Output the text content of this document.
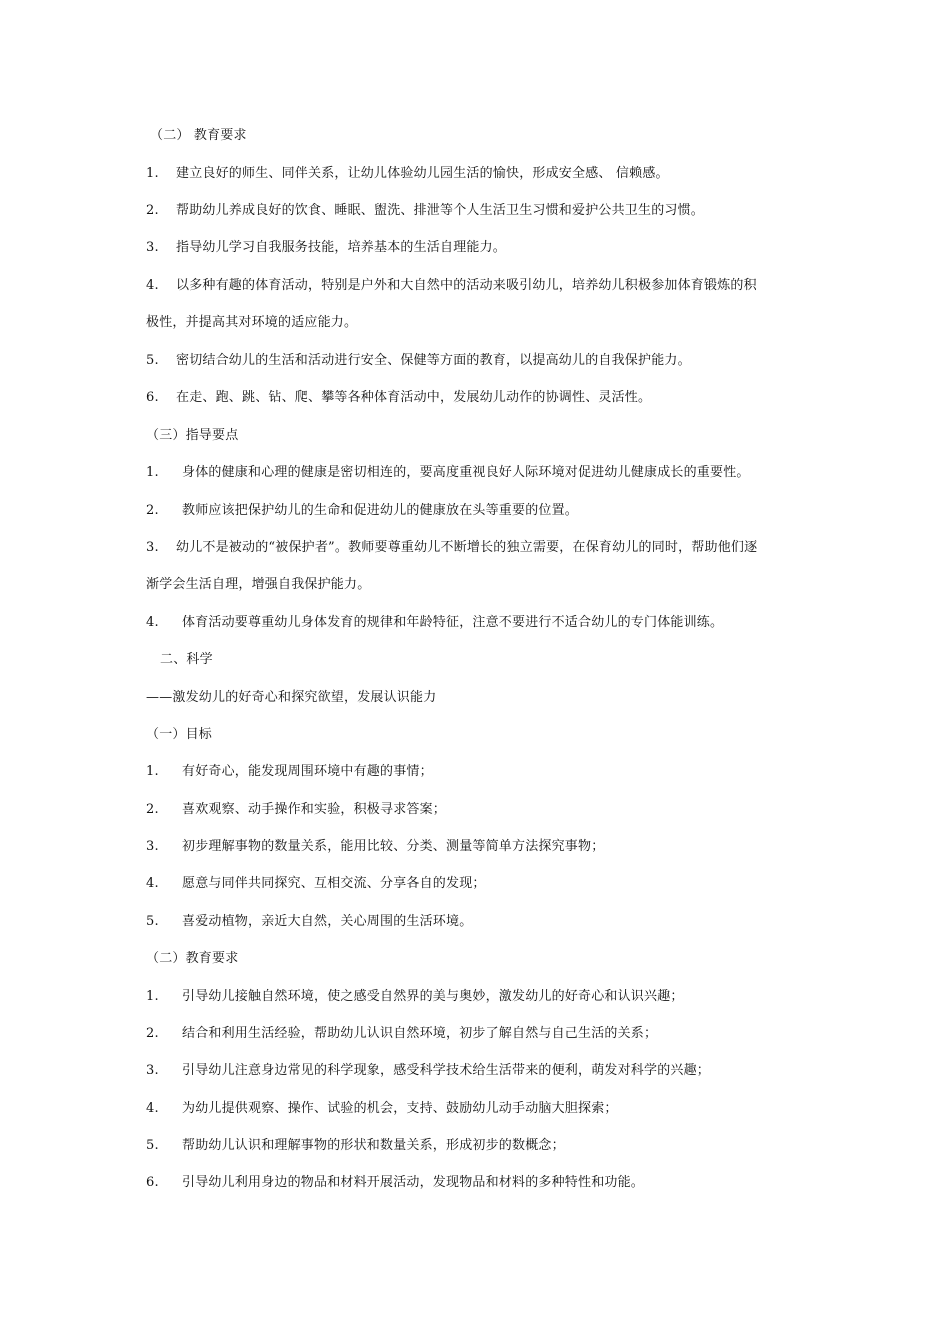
（二） 教育要求
1. 建立良好的师生、同伴关系，让幼儿体验幼儿园生活的愉快，形成安全感、 信赖感。
2. 帮助幼儿养成良好的饮食、睡眠、盥洗、排泄等个人生活卫生习惯和爱护公共卫生的习惯。
3. 指导幼儿学习自我服务技能，培养基本的生活自理能力。
4. 以多种有趣的体育活动，特别是户外和大自然中的活动来吸引幼儿，培养幼儿积极参加体育锻炼的积
极性，并提高其对环境的适应能力。
5. 密切结合幼儿的生活和活动进行安全、保健等方面的教育，以提高幼儿的自我保护能力。
6. 在走、跑、跳、钻、爬、攀等各种体育活动中，发展幼儿动作的协调性、灵活性。
（三）指导要点
1. 身体的健康和心理的健康是密切相连的，要高度重视良好人际环境对促进幼儿健康成长的重要性。
2. 教师应该把保护幼儿的生命和促进幼儿的健康放在头等重要的位置。
3. 幼儿不是被动的“被保护者”。教师要尊重幼儿不断增长的独立需要，在保育幼儿的同时，帮助他们逐
渐学会生活自理，增强自我保护能力。
4. 体育活动要尊重幼儿身体发育的规律和年龄特征，注意不要进行不适合幼儿的专门体能训练。
二、科学
——激发幼儿的好奇心和探究欲望，发展认识能力
（一）目标
1. 有好奇心，能发现周围环境中有趣的事情；
2. 喜欢观察、动手操作和实验，积极寻求答案；
3. 初步理解事物的数量关系，能用比较、分类、测量等简单方法探究事物；
4. 愿意与同伴共同探究、互相交流、分享各自的发现；
5. 喜爱动植物，亲近大自然，关心周围的生活环境。
（二）教育要求
1. 引导幼儿接触自然环境，使之感受自然界的美与奥妙，激发幼儿的好奇心和认识兴趣；
2. 结合和利用生活经验，帮助幼儿认识自然环境，初步了解自然与自己生活的关系；
3. 引导幼儿注意身边常见的科学现象，感受科学技术给生活带来的便利，萌发对科学的兴趣；
4. 为幼儿提供观察、操作、试验的机会，支持、鼓励幼儿动手动脑大胆探索；
5. 帮助幼儿认识和理解事物的形状和数量关系，形成初步的数概念；
6. 引导幼儿利用身边的物品和材料开展活动，发现物品和材料的多种特性和功能。
